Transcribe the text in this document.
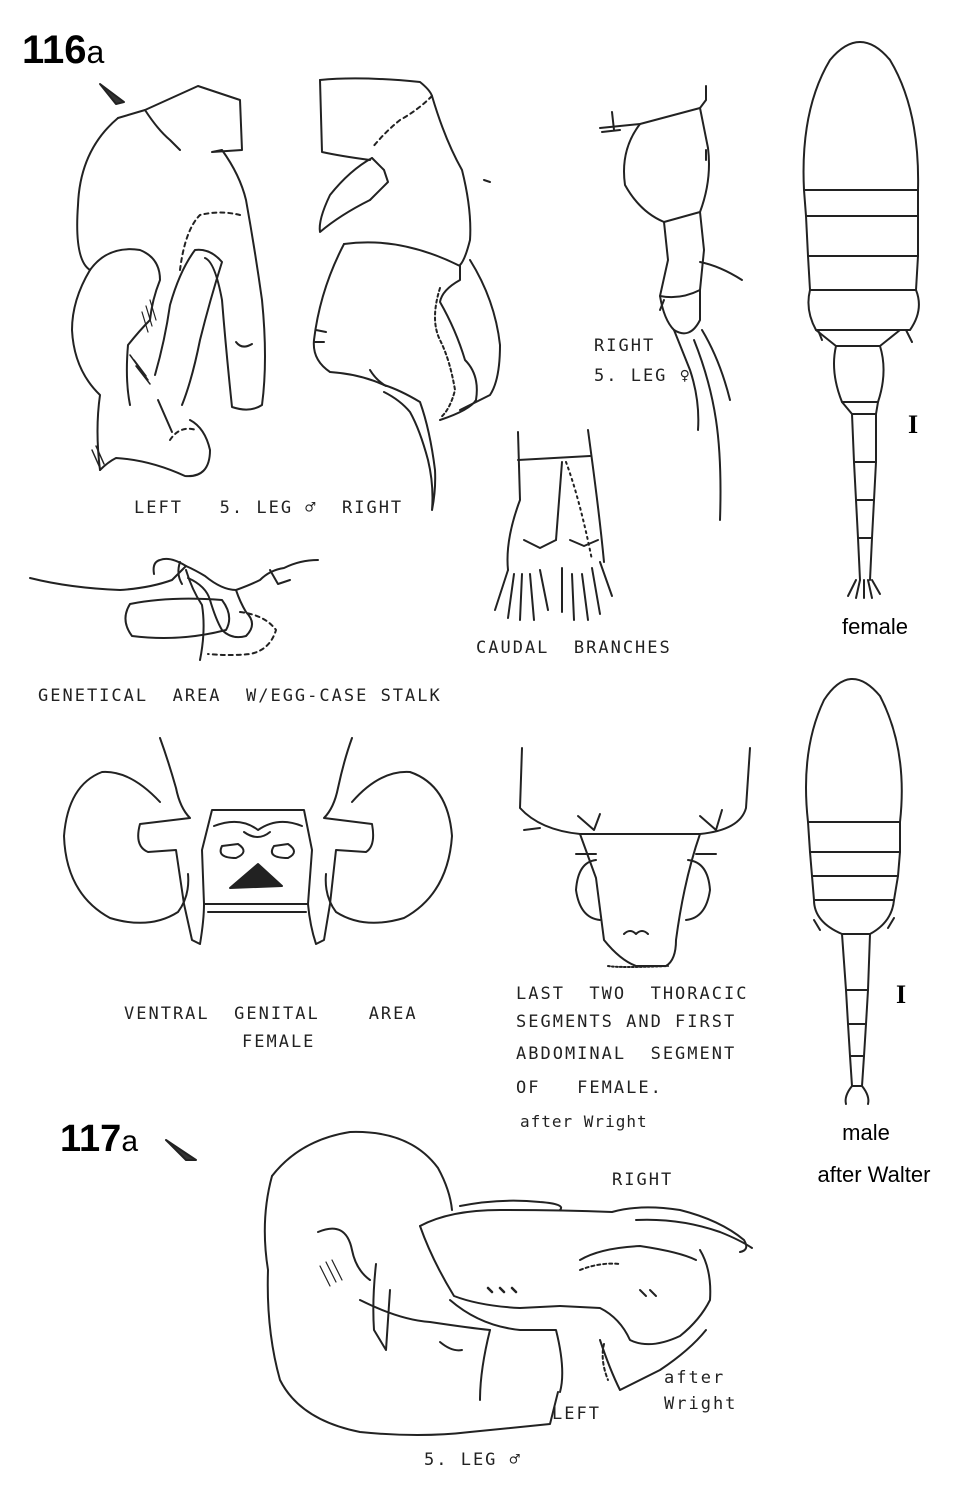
116a
117a
LEFT   5. LEG ♂  RIGHT
RIGHT
5. LEG ♀
CAUDAL  BRANCHES
GENETICAL  AREA  W/EGG-CASE STALK
VENTRAL  GENITAL    AREA
FEMALE
LAST  TWO  THORACIC
SEGMENTS AND FIRST
ABDOMINAL  SEGMENT
OF   FEMALE.
after Wright
RIGHT
LEFT
after
Wright
5. LEG ♂
I
female
I
male
after Walter
